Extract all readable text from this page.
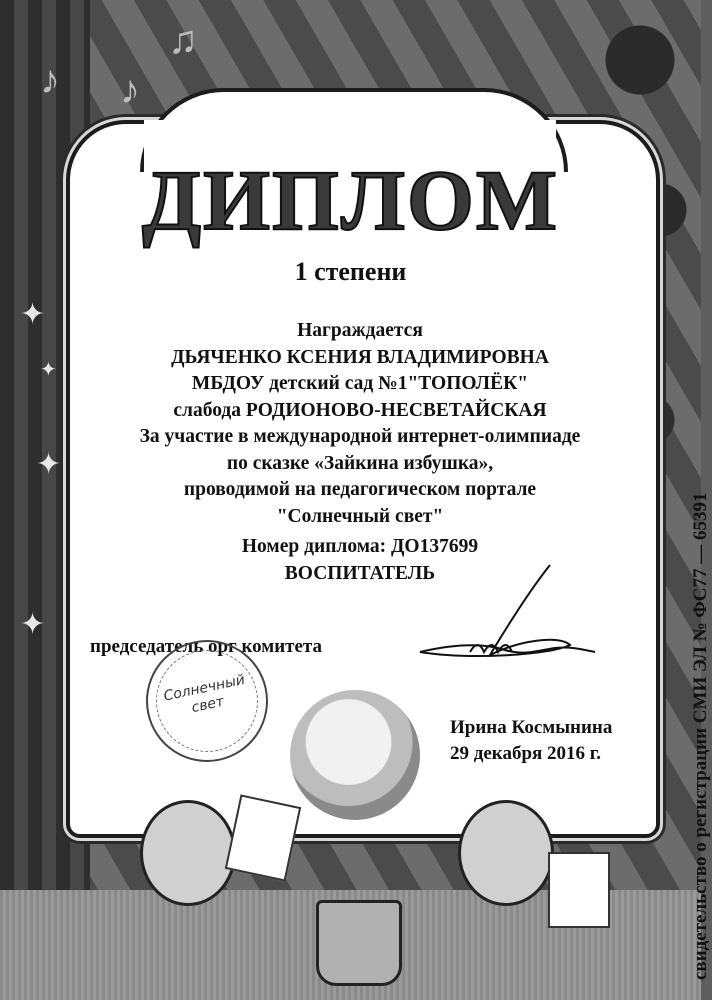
♫
♪ ♪
✦
✦
✦
✦
ДИПЛОМ
1 степени
Награждается
ДЬЯЧЕНКО КСЕНИЯ ВЛАДИМИРОВНА
МБДОУ детский сад №1"ТОПОЛЁК"
слабода РОДИОНОВО-НЕСВЕТАЙСКАЯ
За участие в международной интернет-олимпиаде
по сказке «Зайкина избушка»,
проводимой на педагогическом портале
"Солнечный свет"
Номер диплома: ДО137699
ВОСПИТАТЕЛЬ
председатель орг комитета
Солнечный свет
Ирина Космынина
29 декабря 2016 г.	свидетельство о регистрации СМИ ЭЛ № ФС77 — 65391
